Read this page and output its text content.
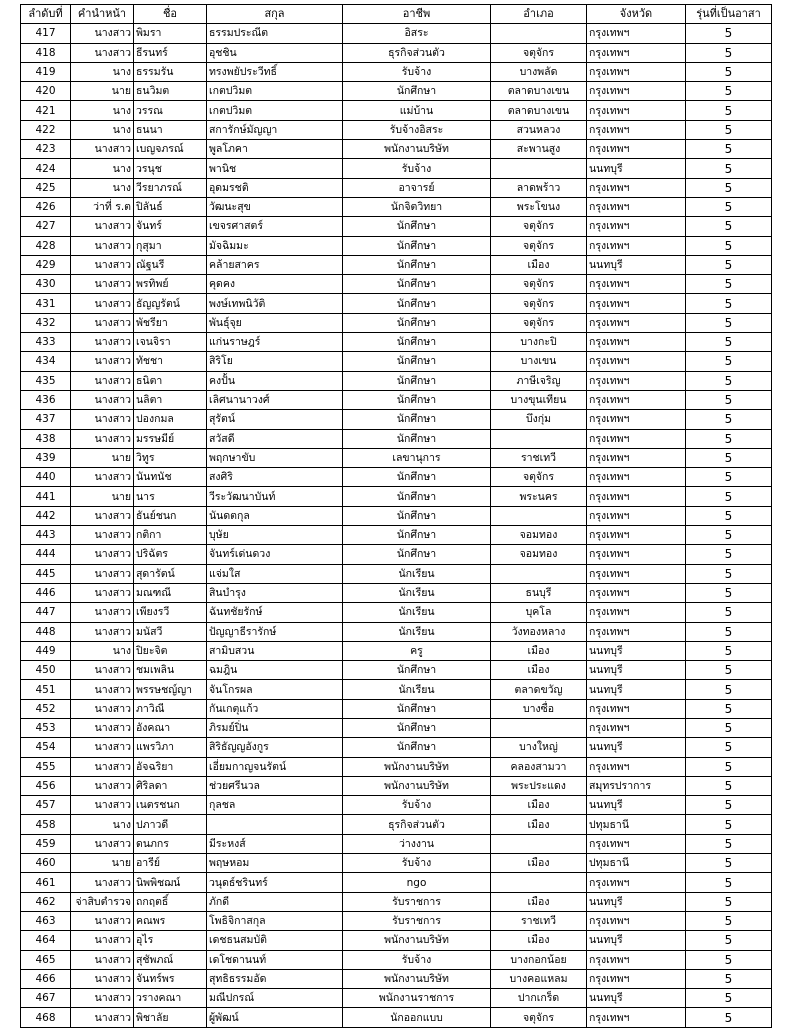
ลำดับที่	คำนำหน้า	ชื่อ	สกุล	อาชีพ	อำเภอ	จังหวัด	รุ่นที่เป็นอาสา
417	นางสาว	พิมรา	ธรรมประณีต	อิสระ		กรุงเทพฯ	5
418	นางสาว	ธีรนทร์	อุชชิน	ธุรกิจส่วนตัว	จตุจักร	กรุงเทพฯ	5
419	นาง	ธรรมรัน	ทรงพยัประวีทธิ์	รับจ้าง	บางพลัด	กรุงเทพฯ	5
420	นาย	ธนวิมต	เกตปวิมต	นักศึกษา	ตลาดบางเขน	กรุงเทพฯ	5
421	นาง	วรรณ	เกตปวิมต	แม่บ้าน	ตลาดบางเขน	กรุงเทพฯ	5
422	นาง	ธนนา	สการักษ์มัญญา	รับจ้างอิสระ	สวนหลวง	กรุงเทพฯ	5
423	นางสาว	เบญจภรณ์	พูลโภคา	พนักงานบริษัท	สะพานสูง	กรุงเทพฯ	5
424	นาง	วรนุช	พานิช	รับจ้าง		นนทบุรี	5
425	นาง	วีรยาภรณ์	อุดมรชติ	อาจารย์	ลาดพร้าว	กรุงเทพฯ	5
426	ว่าที่ ร.ต	ปิลันธ์	วัฒนะสุข	นักจิตวิทยา	พระโขนง	กรุงเทพฯ	5
427	นางสาว	จันทร์	เขจรศาสตร์	นักศึกษา	จตุจักร	กรุงเทพฯ	5
428	นางสาว	กุสุมา	มัจฉิมมะ	นักศึกษา	จตุจักร	กรุงเทพฯ	5
429	นางสาว	ณัฐนรี	คล้ายสาคร	นักศึกษา	เมือง	นนทบุรี	5
430	นางสาว	พรทิพย์	คุดคง	นักศึกษา	จตุจักร	กรุงเทพฯ	5
431	นางสาว	ธัญญรัตน์	พงษ์เทพนิวัติ	นักศึกษา	จตุจักร	กรุงเทพฯ	5
432	นางสาว	พัชรียา	พันธุ์จุย	นักศึกษา	จตุจักร	กรุงเทพฯ	5
433	นางสาว	เจนจิรา	แก่นราษฎร์	นักศึกษา	บางกะปิ	กรุงเทพฯ	5
434	นางสาว	ทัชชา	สิริโย	นักศึกษา	บางเขน	กรุงเทพฯ	5
435	นางสาว	ธนิตา	คงปั้น	นักศึกษา	ภาษีเจริญ	กรุงเทพฯ	5
436	นางสาว	นลิตา	เลิศนานาวงศ์	นักศึกษา	บางขุนเทียน	กรุงเทพฯ	5
437	นางสาว	ปองกมล	สุรัตน์	นักศึกษา	บึงกุ่ม	กรุงเทพฯ	5
438	นางสาว	มรรษมีย์	สวัสดี	นักศึกษา		กรุงเทพฯ	5
439	นาย	วิทูร	พฤกษาขับ	เลขานุการ	ราชเทวี	กรุงเทพฯ	5
440	นางสาว	นันทนัช	สงศิริ	นักศึกษา	จตุจักร	กรุงเทพฯ	5
441	นาย	นาร	วีระวัฒนาบันท์	นักศึกษา	พระนคร	กรุงเทพฯ	5
442	นางสาว	ธันย์ชนก	นันดตกุล	นักศึกษา		กรุงเทพฯ	5
443	นางสาว	กติกา	บุษัย	นักศึกษา	จอมทอง	กรุงเทพฯ	5
444	นางสาว	ปริฉัตร	จันทร์เด่นดวง	นักศึกษา	จอมทอง	กรุงเทพฯ	5
445	นางสาว	สุดารัตน์	แจ่มใส	นักเรียน		กรุงเทพฯ	5
446	นางสาว	มณฑณี	สินบำรุง	นักเรียน	ธนบุรี	กรุงเทพฯ	5
447	นางสาว	เพียงรวี	ฉันทชัยรักษ์	นักเรียน	บุคโล	กรุงเทพฯ	5
448	นางสาว	มนัสวี	ปัญญาธีรารักษ์	นักเรียน	วังทองหลาง	กรุงเทพฯ	5
449	นาง	ปิยะจิต	สามิบสวน	ครู	เมือง	นนทบุรี	5
450	นางสาว	ชมเพลิน	ฉมฎิน	นักศึกษา	เมือง	นนทบุรี	5
451	นางสาว	พรรษชญ์ญา	จันโกรผล	นักเรียน	ตลาดขวัญ	นนทบุรี	5
452	นางสาว	ภาวิณี	กันเกตุแก้ว	นักศึกษา	บางซื่อ	กรุงเทพฯ	5
453	นางสาว	อังคณา	ภิรมย์ปิ่น	นักศึกษา		กรุงเทพฯ	5
454	นางสาว	แพรวิภา	สิริธัญญอังกูร	นักศึกษา	บางใหญ่	นนทบุรี	5
455	นางสาว	อัจฉริยา	เอี่ยมกาญจนรัตน์	พนักงานบริษัท	คลองสามวา	กรุงเทพฯ	5
456	นางสาว	ศิริลดา	ช่วยศรีนวล	พนักงานบริษัท	พระประแดง	สมุทรปราการ	5
457	นางสาว	เนตรชนก	กุลชล	รับจ้าง	เมือง	นนทบุรี	5
458	นาง	ปภาวดี		ธุรกิจส่วนตัว	เมือง	ปทุมธานี	5
459	นางสาว	ดนภกร	มีระหงส์	ว่างงาน		กรุงเทพฯ	5
460	นาย	อารีย์	พฤษหอม	รับจ้าง	เมือง	ปทุมธานี	5
461	นางสาว	นิพพิชฌน์	วนุดธ์ชรินทร์	ngo		กรุงเทพฯ	5
462	จ่าสิบตำรวจ	ถกฤตธิ์	ภักดี	รับราชการ	เมือง	นนทบุรี	5
463	นางสาว	คณพร	โพธิจิกาสกุล	รับราชการ	ราชเทวี	กรุงเทพฯ	5
464	นางสาว	อุไร	เดชธนสมบัติ	พนักงานบริษัท	เมือง	นนทบุรี	5
465	นางสาว	สุชัพภณ์	เดโชดานนท์	รับจ้าง	บางกอกน้อย	กรุงเทพฯ	5
466	นางสาว	จันทร์พร	สุทธิธรรมอัด	พนักงานบริษัท	บางคอแหลม	กรุงเทพฯ	5
467	นางสาว	วรางคณา	มณีปกรณ์	พนักงานราชการ	ปากเกร็ด	นนทบุรี	5
468	นางสาว	พิชาลัย	ผู้พัฒน์	นักออกแบบ	จตุจักร	กรุงเทพฯ	5
